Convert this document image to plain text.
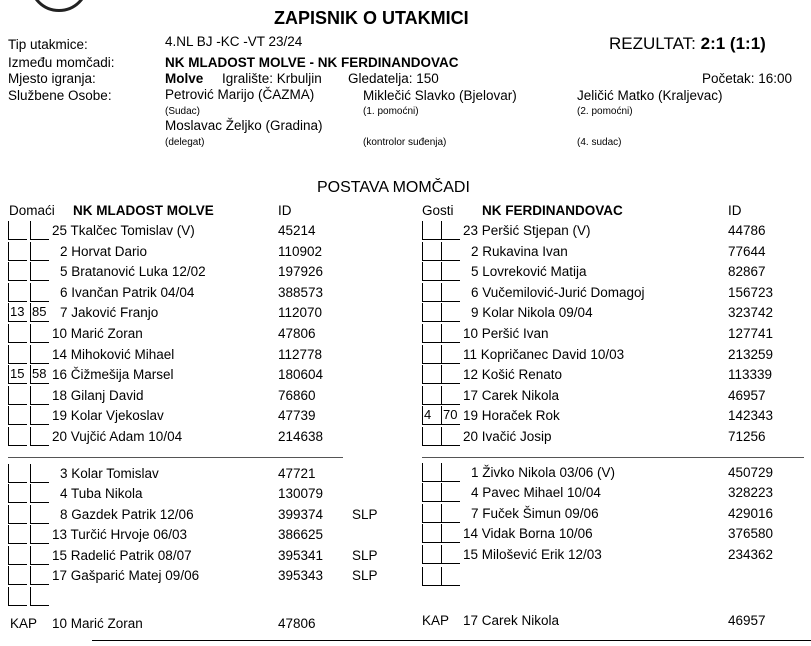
ZAPISNIK O UTAKMICI
Tip utakmice:	4.NL BJ -KC -VT 23/24	REZULTAT: 2:1 (1:1)
Između momčadi:	NK MLADOST MOLVE - NK FERDINANDOVAC
Mjesto igranja:	Molve Igralište: Krbuljin Gledatelja: 150	Početak: 16:00
Službene Osobe:	Petrović Marijo (ČAZMA)	Miklečić Slavko (Bjelovar)	Jeličić Matko (Kraljevac)
(Sudac)	(1. pomoćni)	(2. pomoćni)
Moslavac Željko (Gradina)
(delegat)	(kontrolor suđenja)	(4. sudac)
POSTAVA MOMČADI
Domaći NK MLADOST MOLVE	ID	Gosti NK FERDINANDOVAC	ID
25 Tkalčec Tomislav (V)	45214
2 Horvat Dario	110902
5 Bratanović Luka 12/02	197926
6 Ivančan Patrik 04/04	388573
13 85	7 Jaković Franjo	112070
10 Marić Zoran	47806
14 Mihoković Mihael	112778
15 58 16 Čižmešija Marsel	180604
18 Gilanj David	76860
19 Kolar Vjekoslav	47739
20 Vujčić Adam 10/04	214638
23 Peršić Stjepan (V)	44786
2 Rukavina Ivan	77644
5 Lovreković Matija	82867
6 Vučemilović-Jurić Domagoj	156723
9 Kolar Nikola 09/04	323742
10 Peršić Ivan	127741
11 Kopričanec David 10/03	213259
12 Košić Renato	113339
17 Carek Nikola	46957
4 70 19 Horaček Rok	142343
20 Ivačić Josip	71256
3 Kolar Tomislav	47721
4 Tuba Nikola	130079
8 Gazdek Patrik 12/06	399374 SLP
13 Turčić Hrvoje 06/03	386625
15 Radelić Patrik 08/07	395341 SLP
17 Gašparić Matej 09/06	395343 SLP
1 Živko Nikola 03/06 (V)	450729
4 Pavec Mihael 10/04	328223
7 Fuček Šimun 09/06	429016
14 Vidak Borna 10/06	376580
15 Milošević Erik 12/03	234362
KAP 10 Marić Zoran	47806	KAP 17 Carek Nikola	46957
